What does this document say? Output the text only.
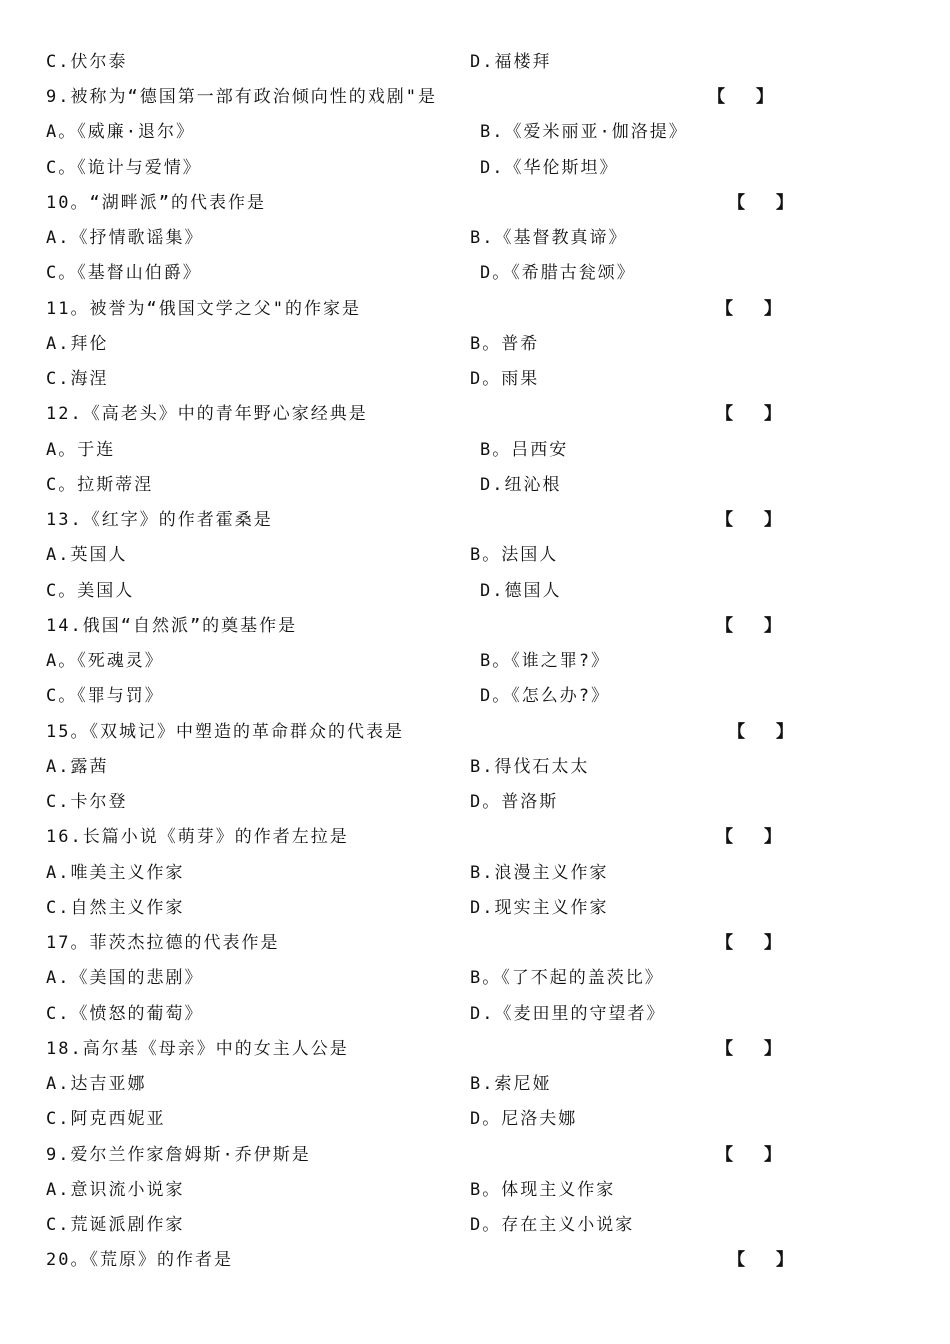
C.伏尔泰	D.福楼拜
9.被称为“德国第一部有政治倾向性的戏剧"是	【 】
A。《威廉·退尔》	B.《爱米丽亚·伽洛提》
C。《诡计与爱情》	D.《华伦斯坦》
10。“湖畔派”的代表作是	【 】
A.《抒情歌谣集》	B.《基督教真谛》
C。《基督山伯爵》	D。《希腊古瓮颂》
11。被誉为“俄国文学之父"的作家是	【 】
A.拜伦	B。普希
C.海涅	D。雨果
12.《高老头》中的青年野心家经典是	【 】
A。于连	B。吕西安
C。拉斯蒂涅	D.纽沁根
13.《红字》的作者霍桑是	【 】
A.英国人	B。法国人
C。美国人	D.德国人
14.俄国“自然派”的奠基作是	【 】
A。《死魂灵》	B。《谁之罪?》
C。《罪与罚》	D。《怎么办?》
15。《双城记》中塑造的革命群众的代表是	【 】
A.露茜	B.得伐石太太
C.卡尔登	D。普洛斯
16.长篇小说《萌芽》的作者左拉是	【 】
A.唯美主义作家	B.浪漫主义作家
C.自然主义作家	D.现实主义作家
17。菲茨杰拉德的代表作是	【 】
A.《美国的悲剧》	B。《了不起的盖茨比》
C.《愤怒的葡萄》	D.《麦田里的守望者》
18.高尔基《母亲》中的女主人公是	【 】
A.达吉亚娜	B.索尼娅
C.阿克西妮亚	D。尼洛夫娜
9.爱尔兰作家詹姆斯·乔伊斯是	【 】
A.意识流小说家	B。体现主义作家
C.荒诞派剧作家	D。存在主义小说家
20。《荒原》的作者是	【 】
